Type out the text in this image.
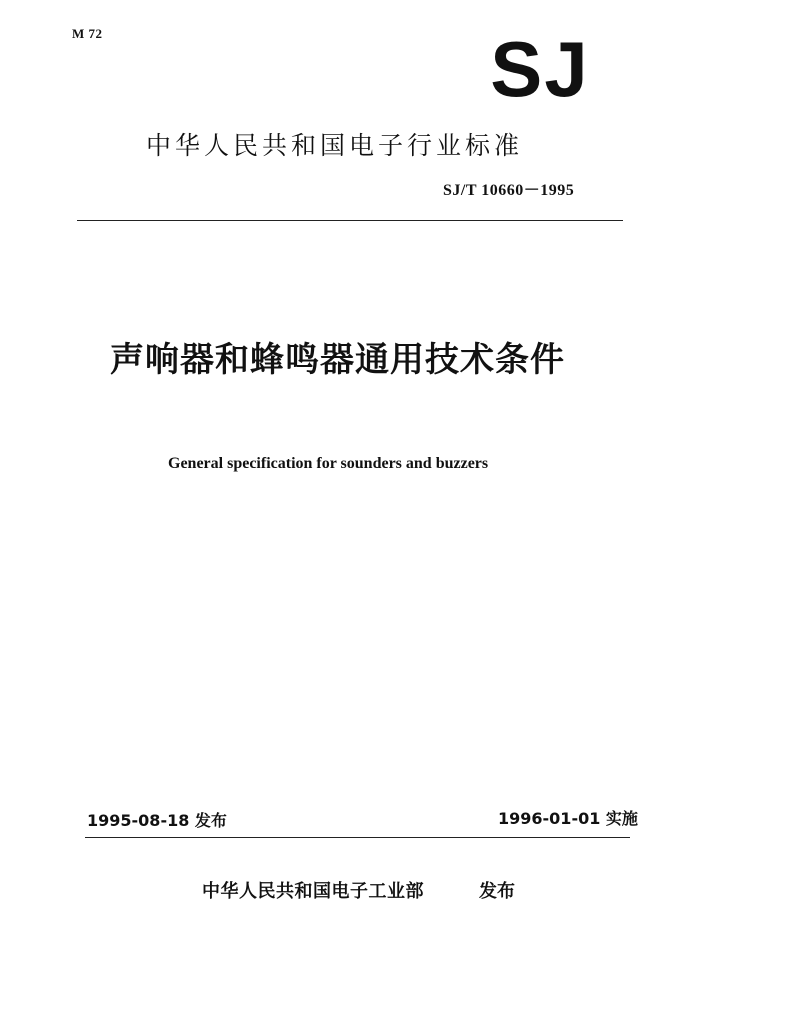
M 72	SJ
中华人民共和国电子行业标准
SJ/T 10660－1995
声响器和蜂鸣器通用技术条件
General specification for sounders and buzzers
1995-08-18 发布	1996-01-01 实施
中华人民共和国电子工业部	发布
